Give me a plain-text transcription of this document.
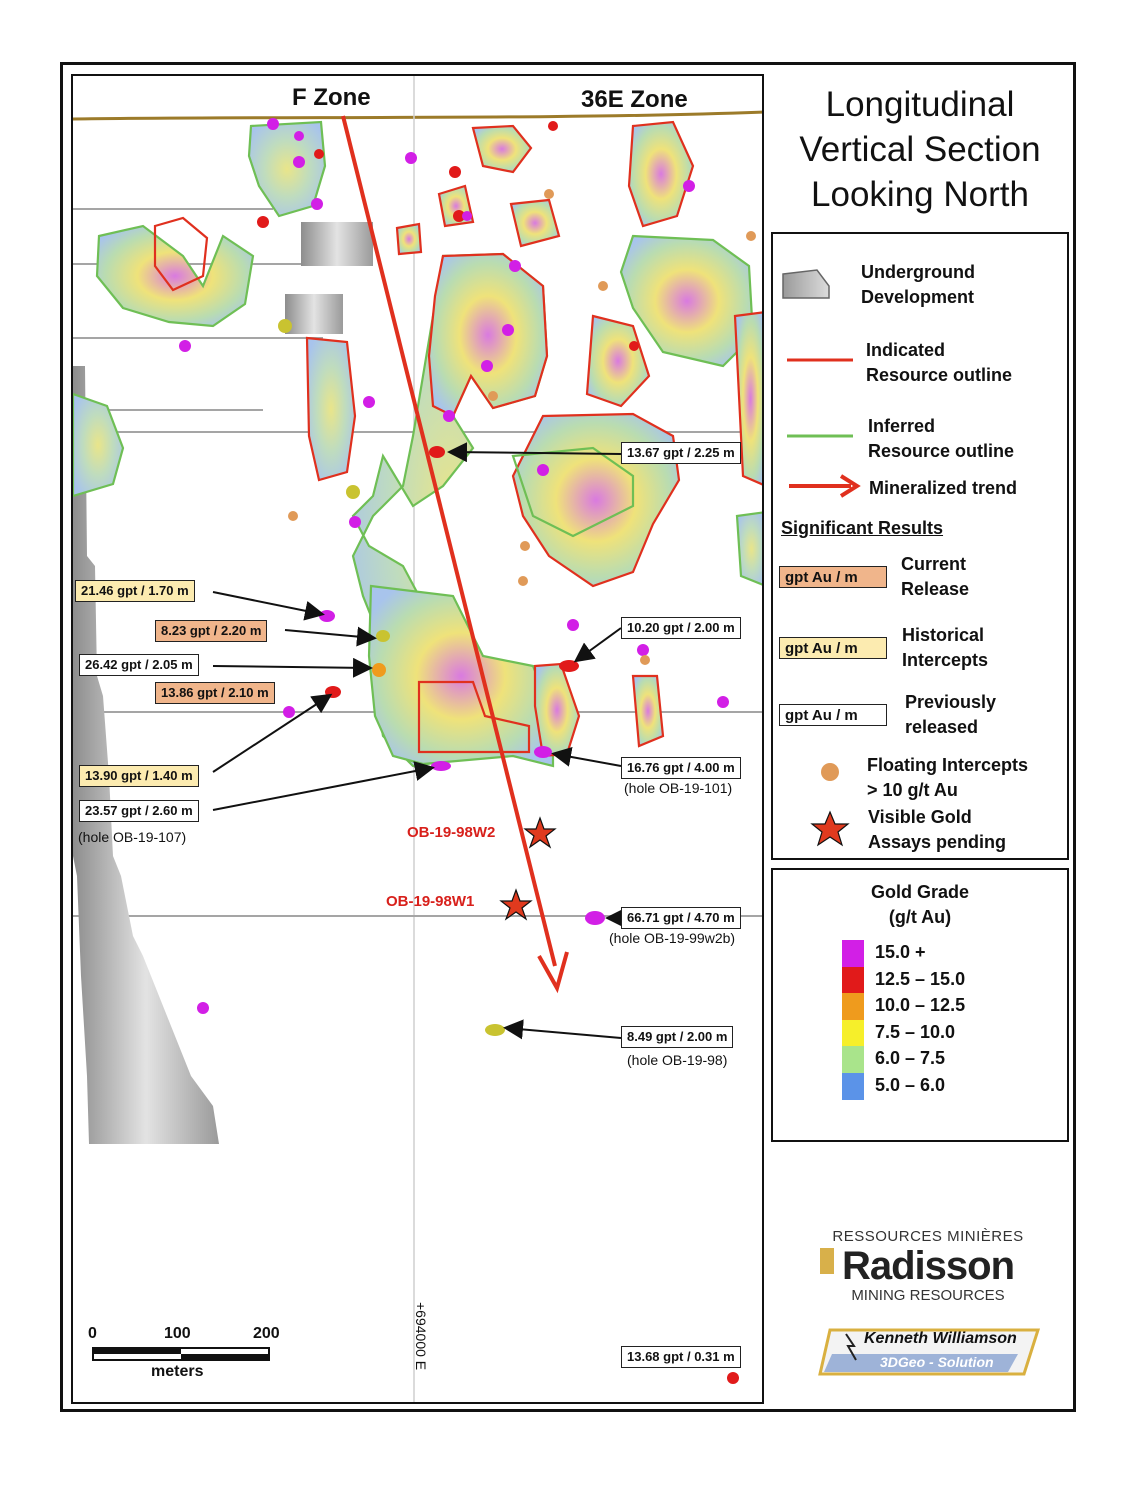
F Zone	36E Zone
13.67 gpt / 2.25 m
21.46 gpt / 1.70 m
8.23 gpt / 2.20 m	10.20 gpt / 2.00 m
26.42 gpt / 2.05 m
13.86 gpt / 2.10 m
16.76 gpt / 4.00 m
(hole OB-19-101)
13.90 gpt / 1.40 m
23.57 gpt / 2.60 m
(hole OB-19-107)	OB-19-98W2
OB-19-98W1
66.71 gpt / 4.70 m
(hole OB-19-99w2b)
8.49 gpt / 2.00 m
(hole OB-19-98)
13.68 gpt / 0.31 m
+694000 E
0	100	200
meters
Longitudinal
Vertical Section
Looking North
Underground
Development
Indicated
Resource outline
Inferred
Resource outline
Mineralized trend
Significant Results
gpt Au / m
Current
Release
gpt Au / m
Historical
Intercepts
gpt Au / m
Previously
released
Floating Intercepts
> 10 g/t Au
Visible Gold
Assays pending
Gold Grade
(g/t Au)
15.0 +
12.5 – 15.0
10.0 – 12.5
7.5 – 10.0
6.0 – 7.5
5.0 – 6.0
RESSOURCES MINIÈRES
Radisson
MINING RESOURCES
Kenneth Williamson
3DGeo - Solution
